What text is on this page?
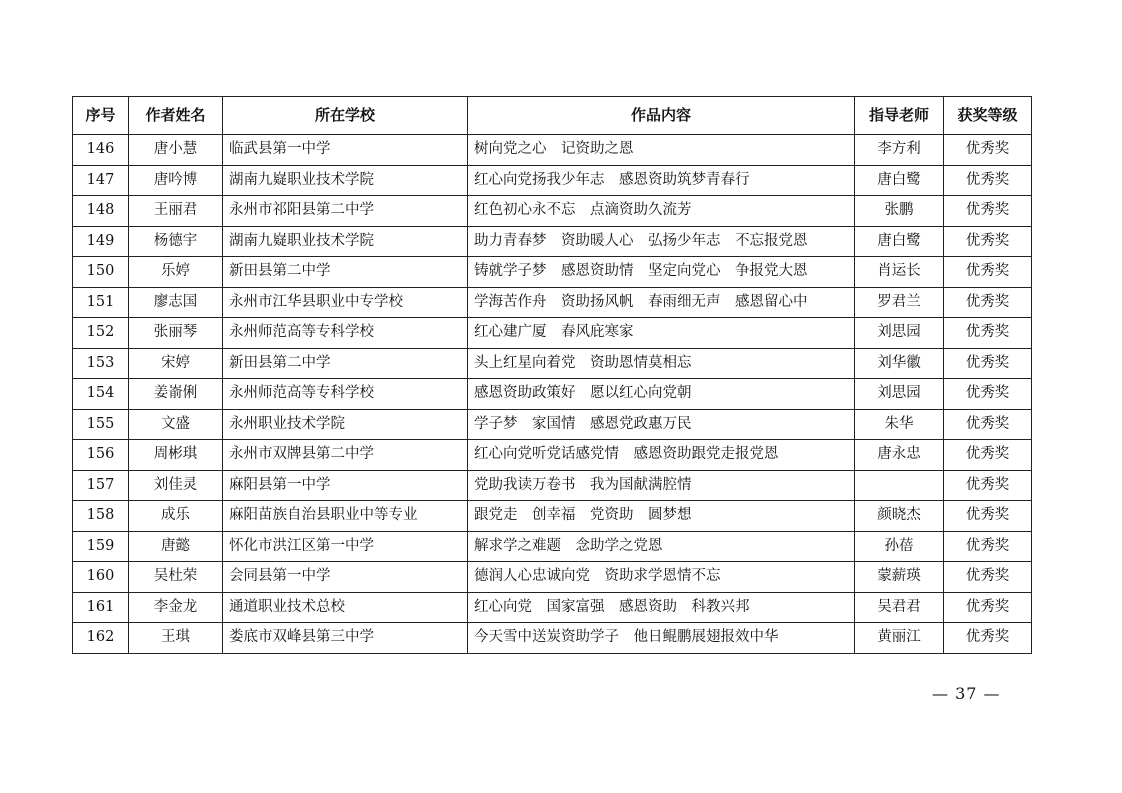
序号	作者姓名	所在学校	作品内容	指导老师	获奖等级
146	唐小慧	临武县第一中学	树向党之心　记资助之恩	李方利	优秀奖
147	唐吟博	湖南九嶷职业技术学院	红心向党扬我少年志　感恩资助筑梦青春行	唐白鹭	优秀奖
148	王丽君	永州市祁阳县第二中学	红色初心永不忘　点滴资助久流芳	张鹏	优秀奖
149	杨德宇	湖南九嶷职业技术学院	助力青春梦　资助暖人心　弘扬少年志　不忘报党恩	唐白鹭	优秀奖
150	乐婷	新田县第二中学	铸就学子梦　感恩资助情　坚定向党心　争报党大恩	肖运长	优秀奖
151	廖志国	永州市江华县职业中专学校	学海苦作舟　资助扬风帆　春雨细无声　感恩留心中	罗君兰	优秀奖
152	张丽琴	永州师范高等专科学校	红心建广厦　春风庇寒家	刘思园	优秀奖
153	宋婷	新田县第二中学	头上红星向着党　资助恩情莫相忘	刘华徽	优秀奖
154	姜嵛俐	永州师范高等专科学校	感恩资助政策好　愿以红心向党朝	刘思园	优秀奖
155	文盛	永州职业技术学院	学子梦　家国情　感恩党政惠万民	朱华	优秀奖
156	周彬琪	永州市双牌县第二中学	红心向党听党话感党情　感恩资助跟党走报党恩	唐永忠	优秀奖
157	刘佳灵	麻阳县第一中学	党助我读万卷书　我为国献满腔情		优秀奖
158	成乐	麻阳苗族自治县职业中等专业	跟党走　创幸福　党资助　圆梦想	颜晓杰	优秀奖
159	唐懿	怀化市洪江区第一中学	解求学之难题　念助学之党恩	孙蓓	优秀奖
160	吴杜荣	会同县第一中学	德润人心忠诚向党　资助求学恩情不忘	蒙薪瑛	优秀奖
161	李金龙	通道职业技术总校	红心向党　国家富强　感恩资助　科教兴邦	吴君君	优秀奖
162	王琪	娄底市双峰县第三中学	今天雪中送炭资助学子　他日鲲鹏展翅报效中华	黄丽江	优秀奖
— 37 —
